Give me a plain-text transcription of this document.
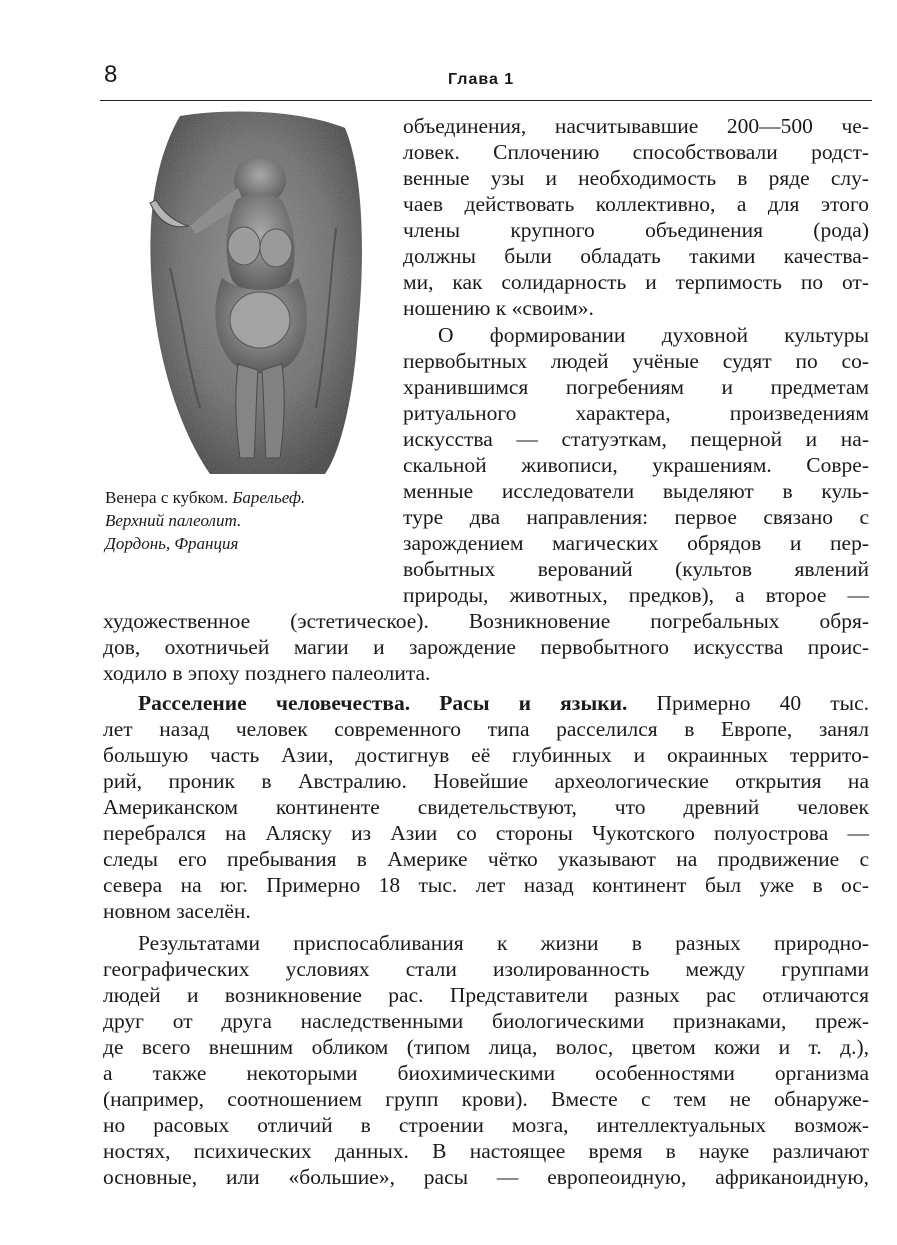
8	Глава 1
Венера с кубком. Барельеф.
Верхний палеолит.
Дордонь, Франция
объединения, насчитывавшие 200—500 че-
ловек. Сплочению способствовали родст-
венные узы и необходимость в ряде слу-
чаев действовать коллективно, а для этого
члены крупного объединения (рода)
должны были обладать такими качества-
ми, как солидарность и терпимость по от-
ношению к «своим».
О формировании духовной культуры
первобытных людей учёные судят по со-
хранившимся погребениям и предметам
ритуального характера, произведениям
искусства — статуэткам, пещерной и на-
скальной живописи, украшениям. Совре-
менные исследователи выделяют в куль-
туре два направления: первое связано с
зарождением магических обрядов и пер-
вобытных верований (культов явлений
природы, животных, предков), а второе —
художественное (эстетическое). Возникновение погребальных обря-
дов, охотничьей магии и зарождение первобытного искусства проис-
ходило в эпоху позднего палеолита.
Расселение человечества. Расы и языки. Примерно 40 тыс.
лет назад человек современного типа расселился в Европе, занял
большую часть Азии, достигнув её глубинных и окраинных террито-
рий, проник в Австралию. Новейшие археологические открытия на
Американском континенте свидетельствуют, что древний человек
перебрался на Аляску из Азии со стороны Чукотского полуострова —
следы его пребывания в Америке чётко указывают на продвижение с
севера на юг. Примерно 18 тыс. лет назад континент был уже в ос-
новном заселён.
Результатами приспосабливания к жизни в разных природно-
географических условиях стали изолированность между группами
людей и возникновение рас. Представители разных рас отличаются
друг от друга наследственными биологическими признаками, преж-
де всего внешним обликом (типом лица, волос, цветом кожи и т. д.),
а также некоторыми биохимическими особенностями организма
(например, соотношением групп крови). Вместе с тем не обнаруже-
но расовых отличий в строении мозга, интеллектуальных возмож-
ностях, психических данных. В настоящее время в науке различают
основные, или «большие», расы — европеоидную, африканоидную,
